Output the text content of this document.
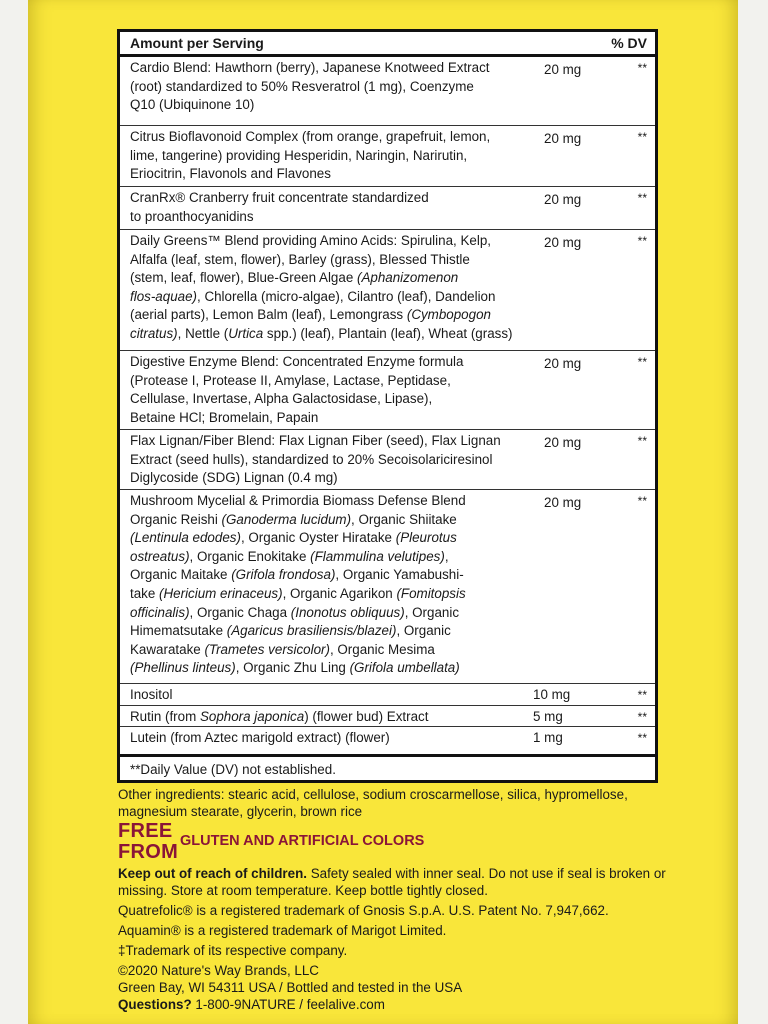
Amount per Serving	% DV
Cardio Blend: Hawthorn (berry), Japanese Knotweed Extract
(root) standardized to 50% Resveratrol (1 mg), Coenzyme
Q10 (Ubiquinone 10)
20 mg	**
Citrus Bioflavonoid Complex (from orange, grapefruit, lemon,
lime, tangerine) providing Hesperidin, Naringin, Narirutin,
Eriocitrin, Flavonols and Flavones
20 mg	**
CranRx® Cranberry fruit concentrate standardized
to proanthocyanidins
20 mg	**
Daily Greens™ Blend providing Amino Acids: Spirulina, Kelp,
Alfalfa (leaf, stem, flower), Barley (grass), Blessed Thistle
(stem, leaf, flower), Blue-Green Algae (Aphanizomenon
flos-aquae), Chlorella (micro-algae), Cilantro (leaf), Dandelion
(aerial parts), Lemon Balm (leaf), Lemongrass (Cymbopogon
citratus), Nettle (Urtica spp.) (leaf), Plantain (leaf), Wheat (grass)
20 mg	**
Digestive Enzyme Blend: Concentrated Enzyme formula
(Protease I, Protease II, Amylase, Lactase, Peptidase,
Cellulase, Invertase, Alpha Galactosidase, Lipase),
Betaine HCl; Bromelain, Papain
20 mg	**
Flax Lignan/Fiber Blend: Flax Lignan Fiber (seed), Flax Lignan
Extract (seed hulls), standardized to 20% Secoisolariciresinol
Diglycoside (SDG) Lignan (0.4 mg)
20 mg	**
Mushroom Mycelial & Primordia Biomass Defense Blend
Organic Reishi (Ganoderma lucidum), Organic Shiitake
(Lentinula edodes), Organic Oyster Hiratake (Pleurotus
ostreatus), Organic Enokitake (Flammulina velutipes),
Organic Maitake (Grifola frondosa), Organic Yamabushi-
take (Hericium erinaceus), Organic Agarikon (Fomitopsis
officinalis), Organic Chaga (Inonotus obliquus), Organic
Himematsutake (Agaricus brasiliensis/blazei), Organic
Kawaratake (Trametes versicolor), Organic Mesima
(Phellinus linteus), Organic Zhu Ling (Grifola umbellata)
20 mg	**
Inositol	10 mg	**
Rutin (from Sophora japonica) (flower bud) Extract	5 mg	**
Lutein (from Aztec marigold extract) (flower)	1 mg	**
**Daily Value (DV) not established.
Other ingredients: stearic acid, cellulose, sodium croscarmellose, silica, hypromellose,
magnesium stearate, glycerin, brown rice
FREE
FROM GLUTEN AND ARTIFICIAL COLORS

Keep out of reach of children. Safety sealed with inner seal. Do not use if seal is broken or

missing. Store at room temperature. Keep bottle tightly closed.

Quatrefolic® is a registered trademark of Gnosis S.p.A. U.S. Patent No. 7,947,662.

Aquamin® is a registered trademark of Marigot Limited.

‡Trademark of its respective company.

©2020 Nature's Way Brands, LLC

Green Bay, WI 54311 USA / Bottled and tested in the USA

Questions? 1-800-9NATURE / feelalive.com
